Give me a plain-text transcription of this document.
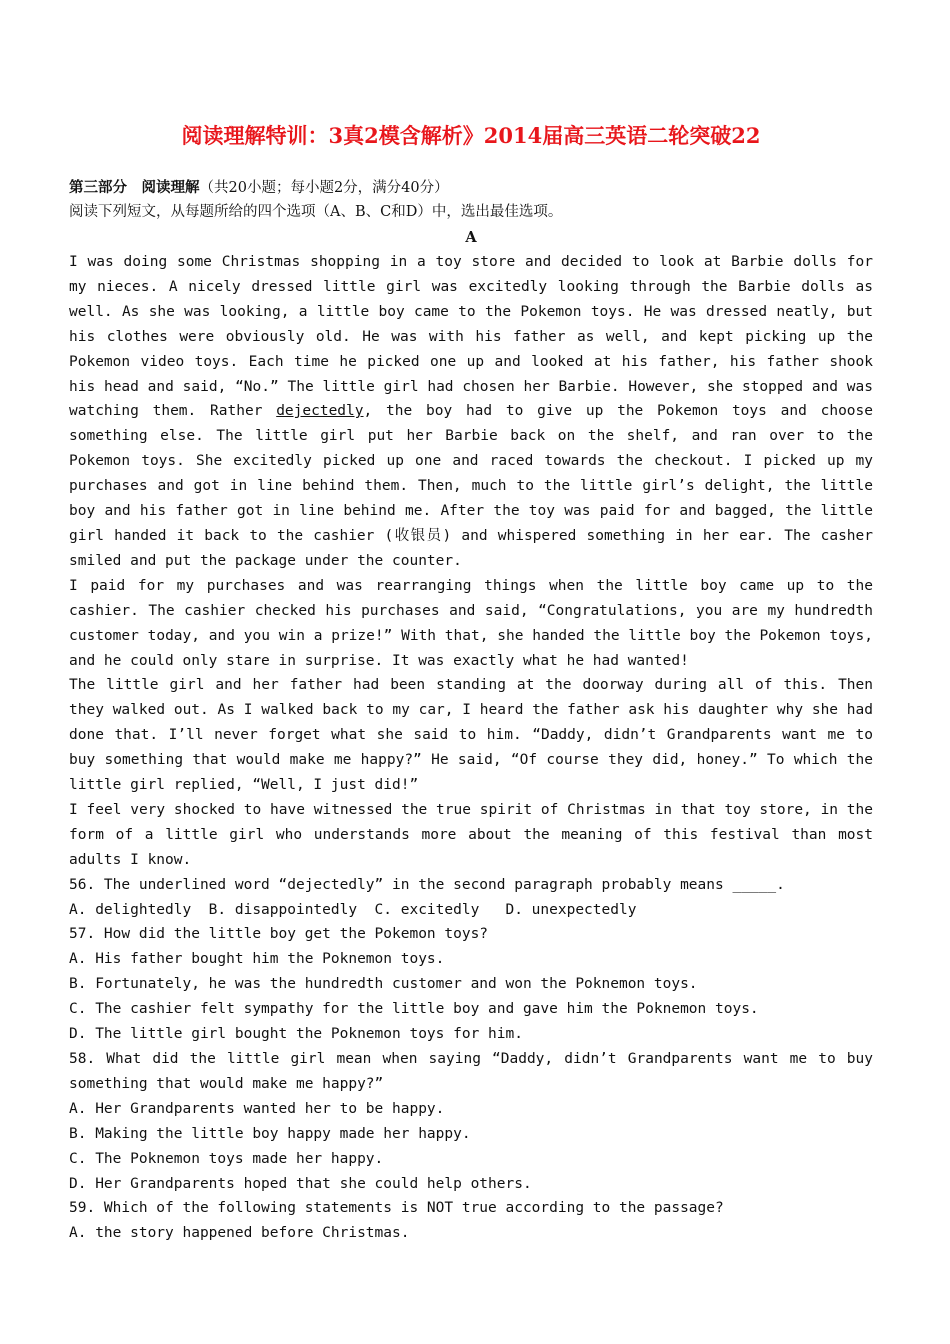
阅读理解特训：3真2模含解析》2014届高三英语二轮突破22
第三部分　阅读理解（共20小题；每小题2分，满分40分）
阅读下列短文，从每题所给的四个选项（A、B、C和D）中，选出最佳选项。
A

I was doing some Christmas shopping in a toy store and decided to look at Barbie dolls for my nieces. A nicely dressed little girl was excitedly looking through the Barbie dolls as well. As she was looking, a little boy came to the Pokemon toys. He was dressed neatly, but his clothes were obviously old. He was with his father as well, and kept picking up the Pokemon video toys. Each time he picked one up and looked at his father, his father shook his head and said, “No.” The little girl had chosen her Barbie. However, she stopped and was watching them. Rather dejectedly, the boy had to give up the Pokemon toys and choose something else. The little girl put her Barbie back on the shelf, and ran over to the Pokemon toys. She excitedly picked up one and raced towards the checkout. I picked up my purchases and got in line behind them. Then, much to the little girl’s delight, the little boy and his father got in line behind me. After the toy was paid for and bagged, the little girl handed it back to the cashier (收银员) and whispered something in her ear. The casher smiled and put the package under the counter.

I paid for my purchases and was rearranging things when the little boy came up to the cashier. The cashier checked his purchases and said, “Congratulations, you are my hundredth customer today, and you win a prize!” With that, she handed the little boy the Pokemon toys, and he could only stare in surprise. It was exactly what he had wanted!

The little girl and her father had been standing at the doorway during all of this. Then they walked out. As I walked back to my car, I heard the father ask his daughter why she had done that. I’ll never forget what she said to him. “Daddy, didn’t Grandparents want me to buy something that would make me happy?” He said, “Of course they did, honey.” To which the little girl replied, “Well, I just did!”

I feel very shocked to have witnessed the true spirit of Christmas in that toy store, in the form of a little girl who understands more about the meaning of this festival than most adults I know.

56. The underlined word “dejectedly” in the second paragraph probably means _____.

A. delightedly  B. disappointedly  C. excitedly   D. unexpectedly

57. How did the little boy get the Pokemon toys?

A. His father bought him the Poknemon toys.

B. Fortunately, he was the hundredth customer and won the Poknemon toys.

C. The cashier felt sympathy for the little boy and gave him the Poknemon toys.

D. The little girl bought the Poknemon toys for him.

58. What did the little girl mean when saying “Daddy, didn’t Grandparents want me to buy something that would make me happy?”

A. Her Grandparents wanted her to be happy.

B. Making the little boy happy made her happy.

C. The Poknemon toys made her happy.

D. Her Grandparents hoped that she could help others.

59. Which of the following statements is NOT true according to the passage?

A. the story happened before Christmas.
